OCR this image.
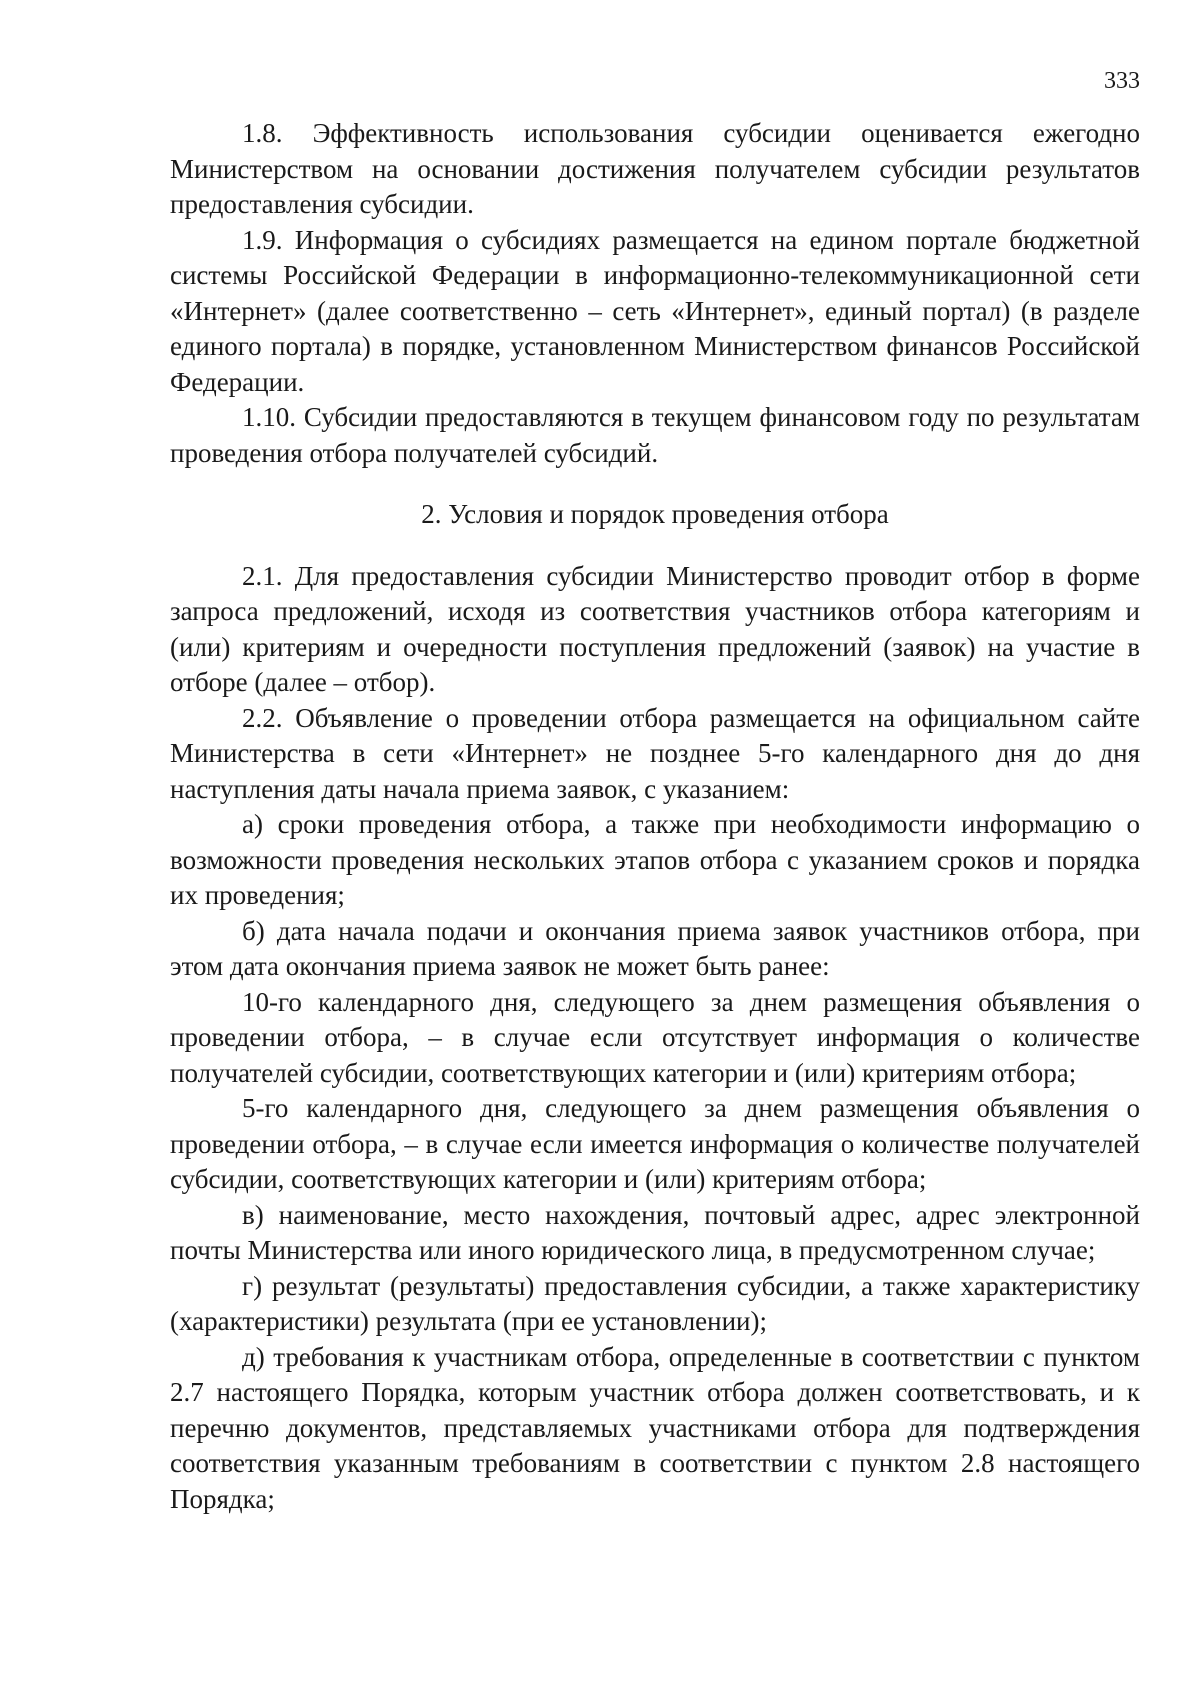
333

1.8. Эффективность использования субсидии оценивается ежегодно Министерством на основании достижения получателем субсидии результатов предоставления субсидии.

1.9. Информация о субсидиях размещается на едином портале бюджетной системы Российской Федерации в информационно-телекоммуникационной сети «Интернет» (далее соответственно – сеть «Интернет», единый портал) (в разделе единого портала) в порядке, установленном Министерством финансов Российской Федерации.

1.10. Субсидии предоставляются в текущем финансовом году по результатам проведения отбора получателей субсидий.

2. Условия и порядок проведения отбора

2.1. Для предоставления субсидии Министерство проводит отбор в форме запроса предложений, исходя из соответствия участников отбора категориям и (или) критериям и очередности поступления предложений (заявок) на участие в отборе (далее – отбор).

2.2. Объявление о проведении отбора размещается на официальном сайте Министерства в сети «Интернет» не позднее 5-го календарного дня до дня наступления даты начала приема заявок, с указанием:

а) сроки проведения отбора, а также при необходимости информацию о возможности проведения нескольких этапов отбора с указанием сроков и порядка их проведения;

б) дата начала подачи и окончания приема заявок участников отбора, при этом дата окончания приема заявок не может быть ранее:

10-го календарного дня, следующего за днем размещения объявления о проведении отбора, – в случае если отсутствует информация о количестве получателей субсидии, соответствующих категории и (или) критериям отбора;

5-го календарного дня, следующего за днем размещения объявления о проведении отбора, – в случае если имеется информация о количестве получателей субсидии, соответствующих категории и (или) критериям отбора;

в) наименование, место нахождения, почтовый адрес, адрес электронной почты Министерства или иного юридического лица, в предусмотренном случае;

г) результат (результаты) предоставления субсидии, а также характеристику (характеристики) результата (при ее установлении);

д) требования к участникам отбора, определенные в соответствии с пунктом 2.7 настоящего Порядка, которым участник отбора должен соответствовать, и к перечню документов, представляемых участниками отбора для подтверждения соответствия указанным требованиям в соответствии с пунктом 2.8 настоящего Порядка;
